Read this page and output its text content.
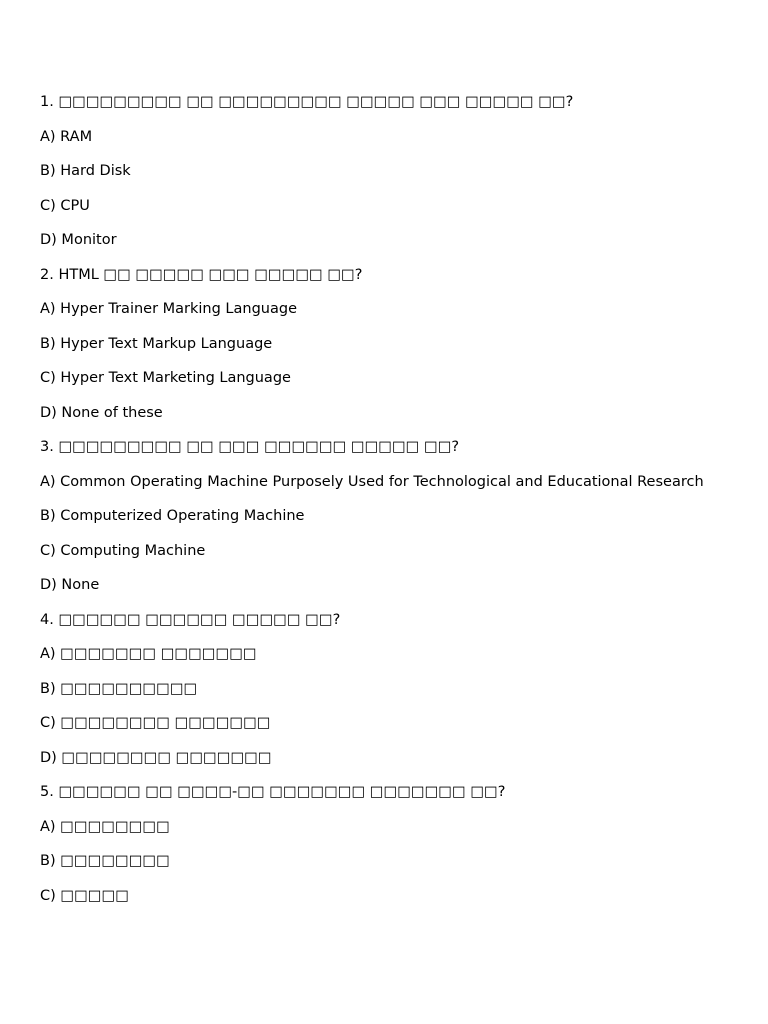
1. □□□□□□□□□ □□ □□□□□□□□□ □□□□□ □□□ □□□□□ □□?
A) RAM
B) Hard Disk
C) CPU
D) Monitor
2. HTML □□ □□□□□ □□□ □□□□□ □□?
A) Hyper Trainer Marking Language
B) Hyper Text Markup Language
C) Hyper Text Marketing Language
D) None of these
3. □□□□□□□□□ □□ □□□ □□□□□□ □□□□□ □□?
A) Common Operating Machine Purposely Used for Technological and Educational Research
B) Computerized Operating Machine
C) Computing Machine
D) None
4. □□□□□□ □□□□□□ □□□□□ □□?
A) □□□□□□□ □□□□□□□
B) □□□□□□□□□□
C) □□□□□□□□ □□□□□□□
D) □□□□□□□□ □□□□□□□
5. □□□□□□ □□ □□□□-□□ □□□□□□□ □□□□□□□ □□?
A) □□□□□□□□
B) □□□□□□□□
C) □□□□□
